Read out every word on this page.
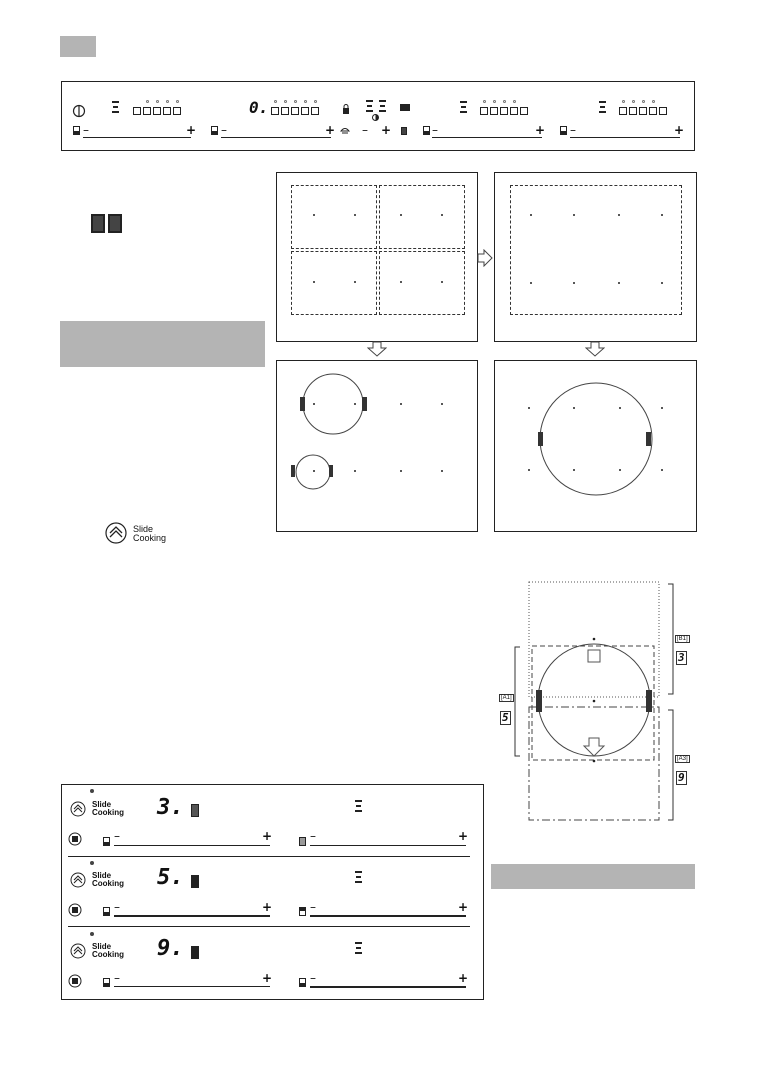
0.
–	+ –	+ – +	–	+ –	+
Slide
Cooking
[B1]
3
[A1]
5
[A3]
9
Slide
Cooking 3.
–	+	–	+
Slide
Cooking 5.
–	+	–	+
Slide
Cooking 9.
–	+	–	+
